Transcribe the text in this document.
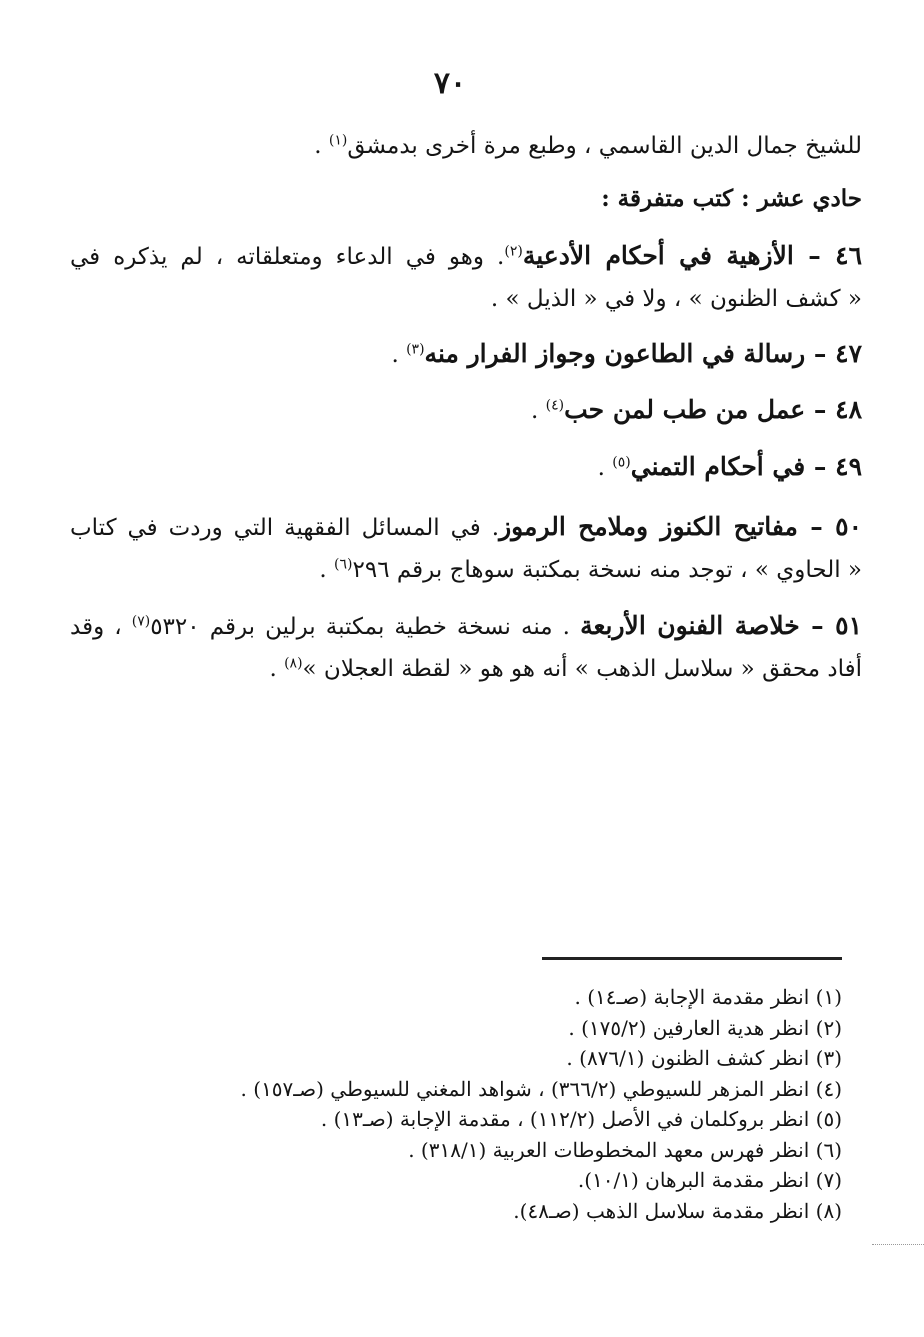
٧٠
للشيخ جمال الدين القاسمي ، وطبع مرة أخرى بدمشق$^{(١)}$ .
حادي عشر : كتب متفرقة :
٤٦ – الأزهية في أحكام الأدعية$^{(٢)}$. وهو في الدعاء ومتعلقاته ، لم يذكره في
« كشف الظنون » ، ولا في « الذيل » .
٤٧ – رسالة في الطاعون وجواز الفرار منه$^{(٣)}$ .
٤٨ – عمل من طب لمن حب$^{(٤)}$ .
٤٩ – في أحكام التمني$^{(٥)}$ .
٥٠ – مفاتيح الكنوز وملامح الرموز. في المسائل الفقهية التي وردت في كتاب
« الحاوي » ، توجد منه نسخة بمكتبة سوهاج برقم ٢٩٦$^{(٦)}$ .
٥١ – خلاصة الفنون الأربعة . منه نسخة خطية بمكتبة برلين برقم ٥٣٢٠$^{(٧)}$ ، وقد
أفاد محقق « سلاسل الذهب » أنه هو هو « لقطة العجلان »$^{(٨)}$ .
(١) انظر مقدمة الإجابة (صـ١٤) .
(٢) انظر هدية العارفين (١٧٥/٢) .
(٣) انظر كشف الظنون (٨٧٦/١) .
(٤) انظر المزهر للسيوطي (٣٦٦/٢) ، شواهد المغني للسيوطي (صـ١٥٧) .
(٥) انظر بروكلمان في الأصل (١١٢/٢) ، مقدمة الإجابة (صـ١٣) .
(٦) انظر فهرس معهد المخطوطات العربية (٣١٨/١) .
(٧) انظر مقدمة البرهان (١٠/١).
(٨) انظر مقدمة سلاسل الذهب (صـ٤٨).
